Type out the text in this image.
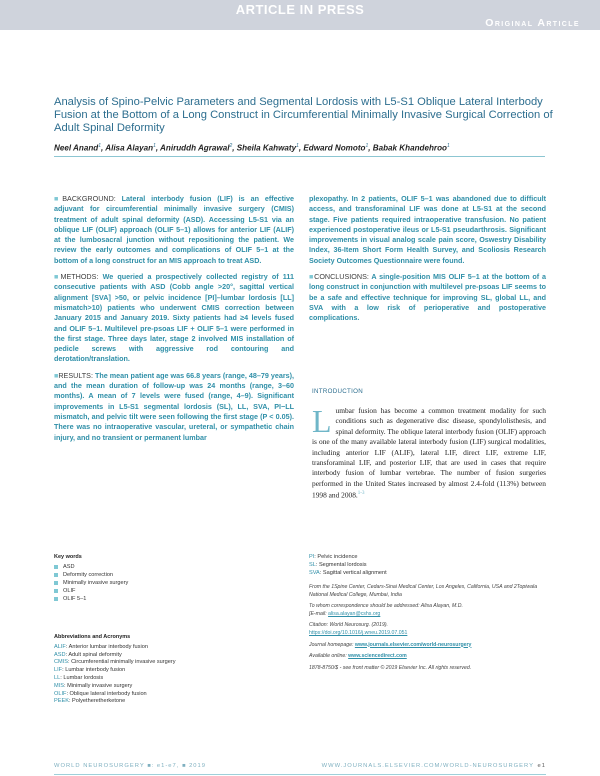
ARTICLE IN PRESS
Original Article
Analysis of Spino-Pelvic Parameters and Segmental Lordosis with L5-S1 Oblique Lateral Interbody Fusion at the Bottom of a Long Construct in Circumferential Minimally Invasive Surgical Correction of Adult Spinal Deformity
Neel Anand$^1$, Alisa Alayan$^1$, Aniruddh Agrawal$^2$, Sheila Kahwaty$^1$, Edward Nomoto$^1$, Babak Khandehroo$^1$

■BACKGROUND: Lateral interbody fusion (LIF) is an effective adjuvant for circumferential minimally invasive surgery (CMIS) treatment of adult spinal deformity (ASD). Accessing L5-S1 via an oblique LIF (OLIF) approach (OLIF 5–1) allows for anterior LIF (ALIF) at the lumbosacral junction without repositioning the patient. We review the early outcomes and complications of OLIF 5–1 at the bottom of a long construct for an MIS approach to treat ASD.

■METHODS: We queried a prospectively collected registry of 111 consecutive patients with ASD (Cobb angle >20°, sagittal vertical alignment [SVA] >50, or pelvic incidence [PI]–lumbar lordosis [LL] mismatch>10) patients who underwent CMIS correction between January 2015 and January 2019. Sixty patients had ≥4 levels fused and OLIF 5–1. Multilevel pre-psoas LIF + OLIF 5–1 were performed in the first stage. Three days later, stage 2 involved MIS installation of pedicle screws with aggressive rod contouring and derotation/translation.

■RESULTS: The mean patient age was 66.8 years (range, 48–79 years), and the mean duration of follow-up was 24 months (range, 3–60 months). A mean of 7 levels were fused (range, 4–9). Significant improvements in L5-S1 segmental lordosis (SL), LL, SVA, PI−LL mismatch, and pelvic tilt were seen following the first stage (P < 0.05). There was no intraoperative vascular, ureteral, or sympathetic chain injury, and no transient or permanent lumbar

plexopathy. In 2 patients, OLIF 5–1 was abandoned due to difficult access, and transforaminal LIF was done at L5-S1 at the second stage. Five patients required intraoperative transfusion. No patient experienced postoperative ileus or L5-S1 pseudarthrosis. Significant improvements in visual analog scale pain score, Oswestry Disability Index, 36-Item Short Form Health Survey, and Scoliosis Research Society Outcomes Questionnaire were found.

■CONCLUSIONS: A single-position MIS OLIF 5–1 at the bottom of a long construct in conjunction with multilevel pre-psoas LIF seems to be a safe and effective technique for improving SL, global LL, and SVA with a low risk of perioperative and postoperative complications.

INTRODUCTION
Lumbar fusion has become a common treatment modality for such conditions such as degenerative disc disease, spondylolisthesis, and spinal deformity. The oblique lateral interbody fusion (OLIF) approach is one of the many available lateral interbody fusion (LIF) surgical modalities, including anterior LIF (ALIF), lateral LIF, direct LIF, extreme LIF, transforaminal LIF, and posterior LIF, that are used in cases that require interbody fusion of lumbar vertebrae. The number of fusion surgeries performed in the United States increased by almost 2.4-fold (113%) between 1998 and 2008.$^{1-3}$
Key words
ASD
Deformity correction
Minimally invasive surgery
OLIF
OLIF 5–1
Abbreviations and Acronyms
ALIF: Anterior lumbar interbody fusion
ASD: Adult spinal deformity
CMIS: Circumferential minimally invasive surgery
LIF: Lumbar interbody fusion
LL: Lumbar lordosis
MIS: Minimally invasive surgery
OLIF: Oblique lateral interbody fusion
PEEK: Polyetheretherketone
PI: Pelvic incidence
SL: Segmental lordosis
SVA: Sagittal vertical alignment
From the 1Spine Center, Cedars-Sinai Medical Center, Los Angeles, California, USA and 2Topiwala National Medical College, Mumbai, India
To whom correspondence should be addressed: Alisa Alayan, M.D.
[E-mail: alisa.alayan@cshs.org
Citation: World Neurosurg. (2019).
https://doi.org/10.1016/j.wneu.2019.07.051
Journal homepage: www.journals.elsevier.com/world-neurosurgery
Available online: www.sciencedirect.com
1878-8750/$ - see front matter © 2019 Elsevier Inc. All rights reserved.
WORLD NEUROSURGERY ■: e1-e7, ■ 2019	WWW.JOURNALS.ELSEVIER.COM/WORLD-NEUROSURGERY e1
